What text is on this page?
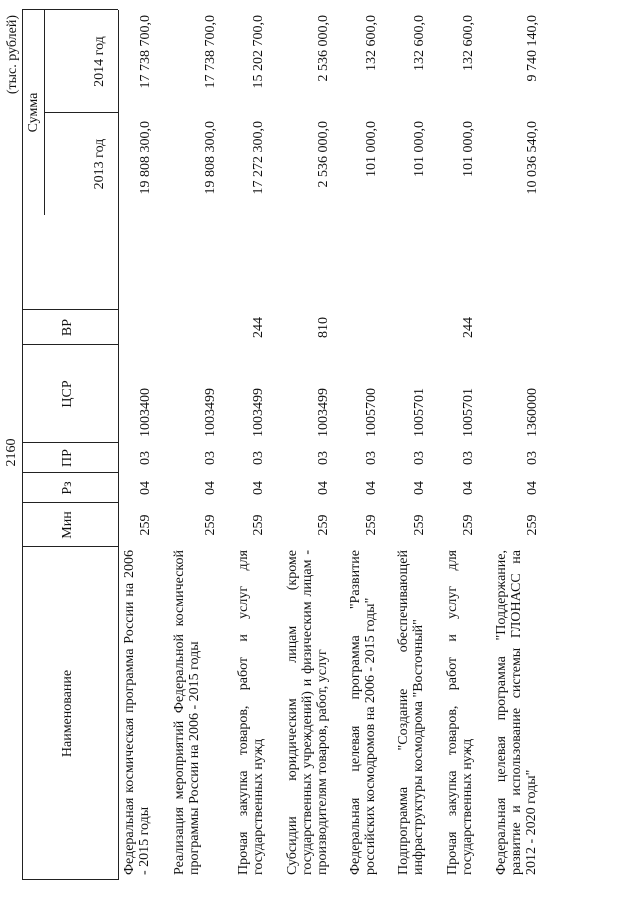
2160
(тыс. рублей)
Наименование
Мин
Рз
ПР
ЦСР
ВР
Сумма
2013 год
2014 год
Федеральная космическая программа России на 2006 - 2015 годы
259
04
03
1003400
19 808 300,0
17 738 700,0
Реализация мероприятий Федеральной космической программы России на 2006 - 2015 годы
259
04
03
1003499
19 808 300,0
17 738 700,0
Прочая закупка товаров, работ и услуг для государственных нужд
259
04
03
1003499
244
17 272 300,0
15 202 700,0
Субсидии юридическим лицам (кроме государственных учреждений) и физическим лицам - производителям товаров, работ, услуг
259
04
03
1003499
810
2 536 000,0
2 536 000,0
Федеральная целевая программа "Развитие российских космодромов на 2006 - 2015 годы"
259
04
03
1005700
101 000,0
132 600,0
Подпрограмма "Создание обеспечивающей инфраструктуры космодрома "Восточный"
259
04
03
1005701
101 000,0
132 600,0
Прочая закупка товаров, работ и услуг для государственных нужд
259
04
03
1005701
244
101 000,0
132 600,0
Федеральная целевая программа "Поддержание, развитие и использование системы ГЛОНАСС на 2012 - 2020 годы"
259
04
03
1360000
10 036 540,0
9 740 140,0
